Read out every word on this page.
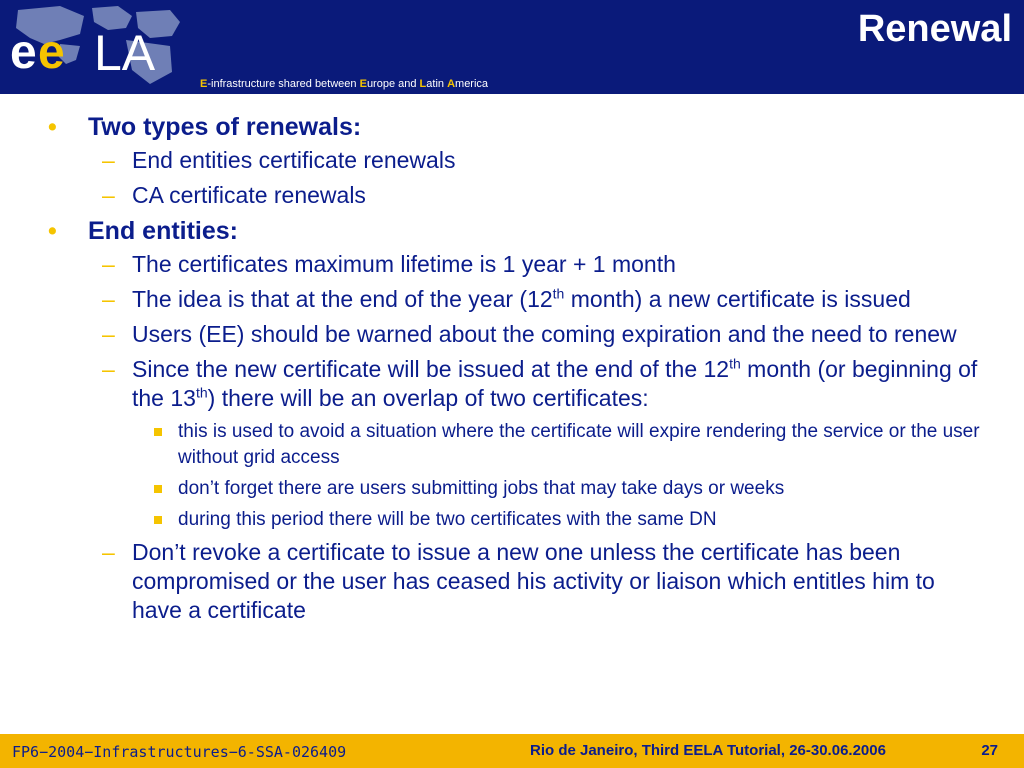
e e LA
E-infrastructure shared between Europe and Latin America
Renewal
• Two types of renewals:
– End entities certificate renewals
– CA certificate renewals
• End entities:
– The certificates maximum lifetime is 1 year + 1 month
– The idea is that at the end of the year (12th month) a new certificate is issued
– Users (EE) should be warned about the coming expiration and the need to renew
– Since the new certificate will be issued at the end of the 12th month (or beginning of the 13th) there will be an overlap of two certificates:
this is used to avoid a situation where the certificate will expire rendering the service or the user without grid access
don’t forget there are users submitting jobs that may take days or weeks
during this period there will be two certificates with the same DN
– Don’t revoke a certificate to issue a new one unless the certificate has been compromised or the user has ceased his activity or liaison which entitles him to have a certificate
FP6−2004−Infrastructures−6-SSA-026409	Rio de Janeiro, Third EELA Tutorial, 26-30.06.2006	27
